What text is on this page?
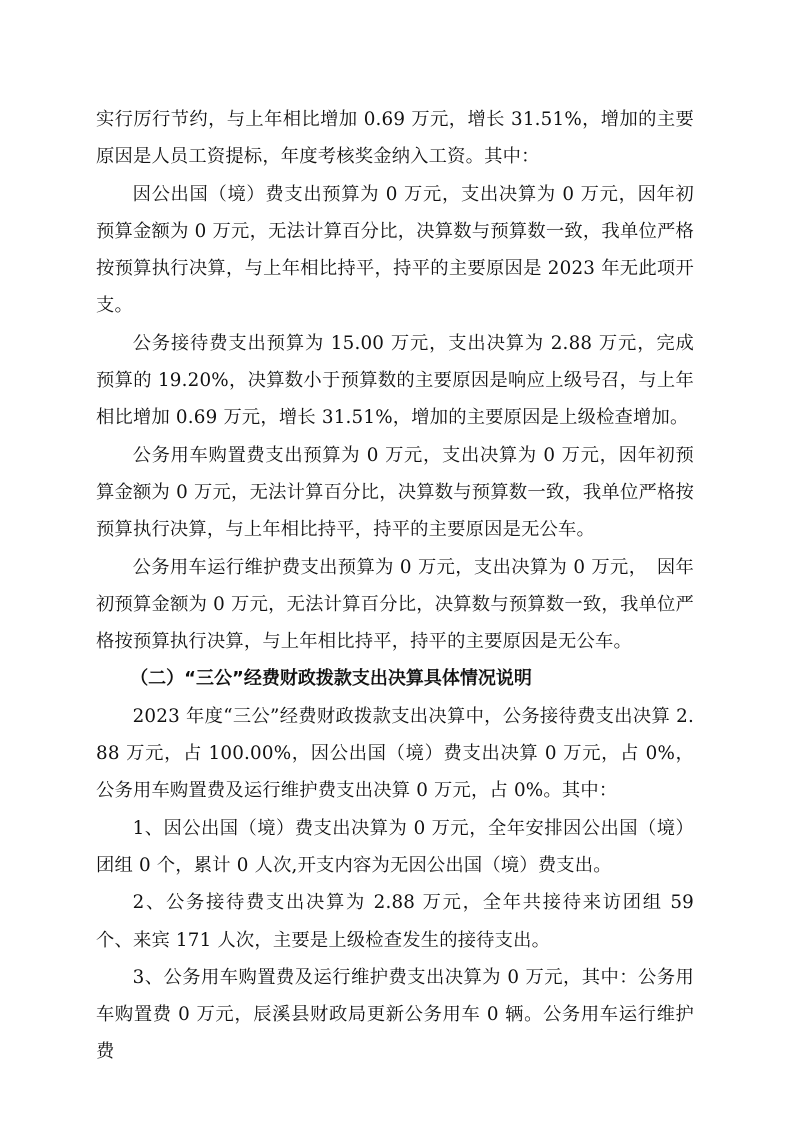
实行厉行节约，与上年相比增加 0.69 万元，增长 31.51%，增加的主要原因是人员工资提标，年度考核奖金纳入工资。其中：

因公出国（境）费支出预算为 0 万元，支出决算为 0 万元，因年初预算金额为 0 万元，无法计算百分比，决算数与预算数一致，我单位严格按预算执行决算，与上年相比持平，持平的主要原因是 2023 年无此项开支。

公务接待费支出预算为 15.00 万元，支出决算为 2.88 万元，完成预算的 19.20%，决算数小于预算数的主要原因是响应上级号召，与上年相比增加 0.69 万元，增长 31.51%，增加的主要原因是上级检查增加。

公务用车购置费支出预算为 0 万元，支出决算为 0 万元，因年初预算金额为 0 万元，无法计算百分比，决算数与预算数一致，我单位严格按预算执行决算，与上年相比持平，持平的主要原因是无公车。

公务用车运行维护费支出预算为 0 万元，支出决算为 0 万元，　因年初预算金额为 0 万元，无法计算百分比，决算数与预算数一致，我单位严格按预算执行决算，与上年相比持平，持平的主要原因是无公车。

（二）“三公”经费财政拨款支出决算具体情况说明

2023 年度“三公”经费财政拨款支出决算中，公务接待费支出决算 2.88 万元，占 100.00%，因公出国（境）费支出决算 0 万元，占 0%，公务用车购置费及运行维护费支出决算 0 万元，占 0%。其中：

1、因公出国（境）费支出决算为 0 万元，全年安排因公出国（境）团组 0 个，累计 0 人次,开支内容为无因公出国（境）费支出。

2、公务接待费支出决算为 2.88 万元，全年共接待来访团组 59 个、来宾 171 人次，主要是上级检查发生的接待支出。

3、公务用车购置费及运行维护费支出决算为 0 万元，其中：公务用车购置费 0 万元，辰溪县财政局更新公务用车 0 辆。公务用车运行维护费
